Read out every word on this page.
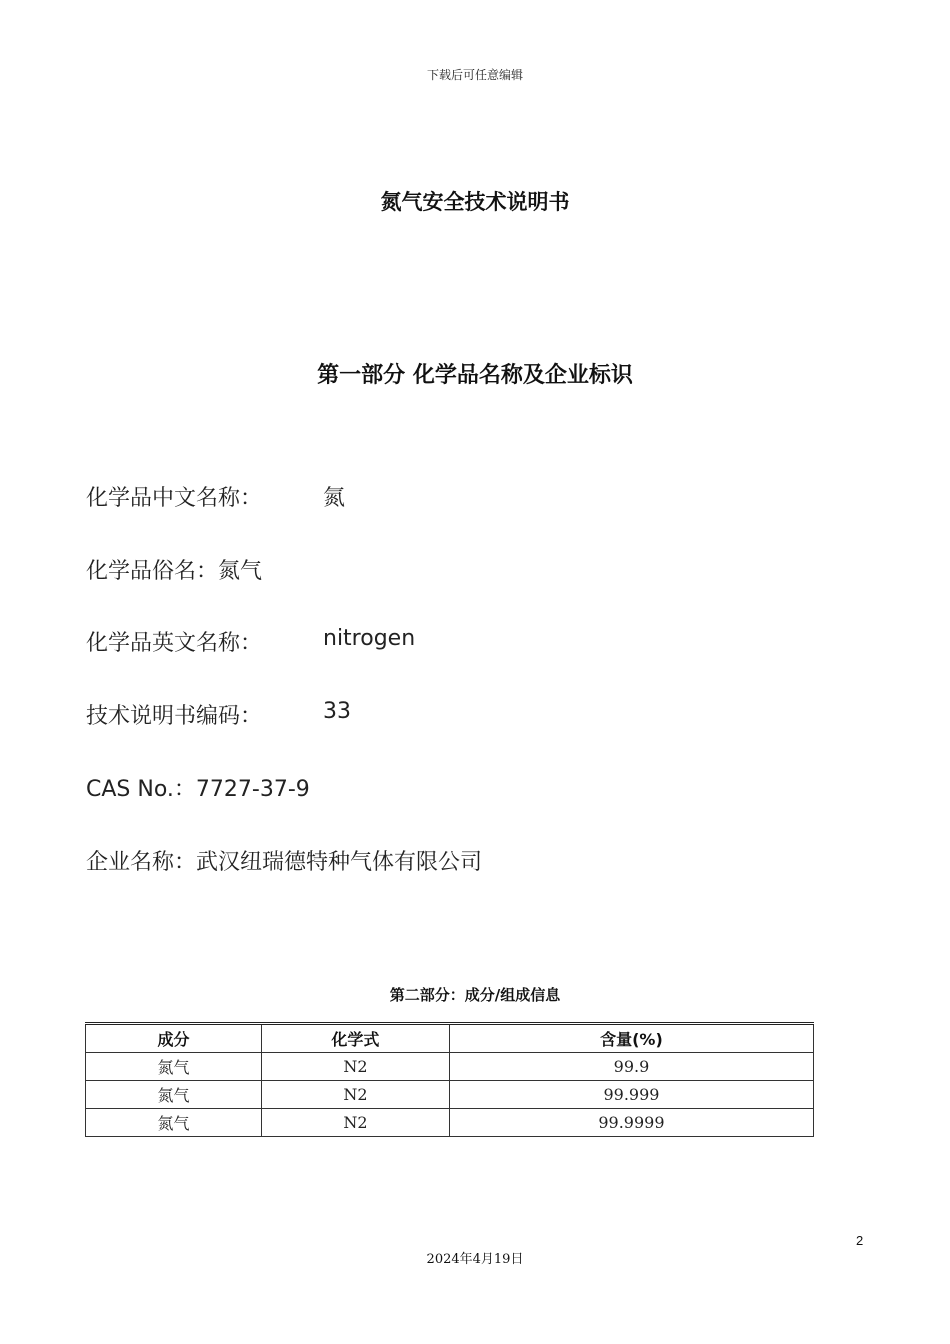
下载后可任意编辑
氮气安全技术说明书
第一部分 化学品名称及企业标识
化学品中文名称：	氮
化学品俗名：氮气
化学品英文名称：	nitrogen
技术说明书编码：	33
CAS No.：7727-37-9
企业名称：武汉纽瑞德特种气体有限公司
第二部分：成分/组成信息
成分	化学式	含量(%)
氮气	N2	99.9
氮气	N2	99.999
氮气	N2	99.9999
2
2024年4月19日
